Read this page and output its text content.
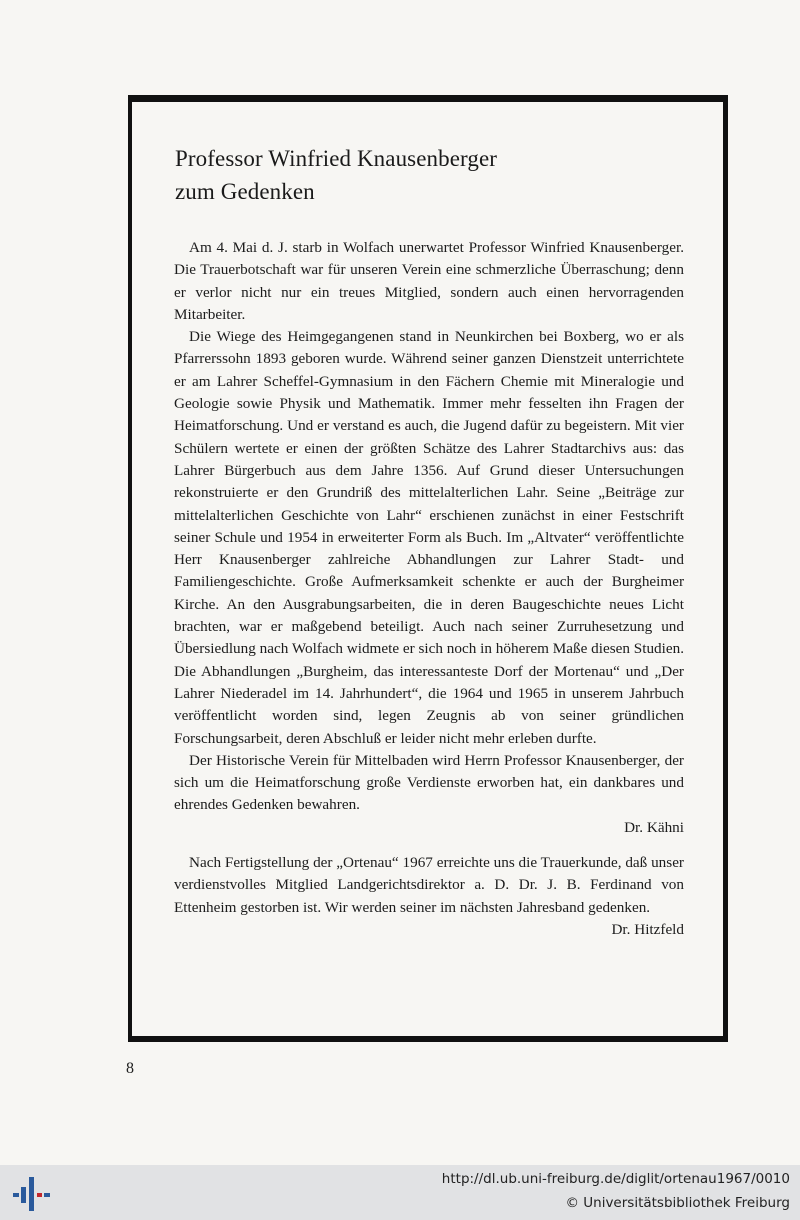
Professor Winfried Knausenberger
zum Gedenken

Am 4. Mai d. J. starb in Wolfach unerwartet Professor Winfried Knausenberger. Die Trauerbotschaft war für unseren Verein eine schmerzliche Überraschung; denn er verlor nicht nur ein treues Mitglied, sondern auch einen hervorragenden Mitarbeiter.

Die Wiege des Heimgegangenen stand in Neunkirchen bei Boxberg, wo er als Pfarrerssohn 1893 geboren wurde. Während seiner ganzen Dienstzeit unterrichtete er am Lahrer Scheffel-Gymnasium in den Fächern Chemie mit Mineralogie und Geologie sowie Physik und Mathematik. Immer mehr fesselten ihn Fragen der Heimatforschung. Und er verstand es auch, die Jugend dafür zu begeistern. Mit vier Schülern wertete er einen der größten Schätze des Lahrer Stadtarchivs aus: das Lahrer Bürgerbuch aus dem Jahre 1356. Auf Grund dieser Untersuchungen rekonstruierte er den Grundriß des mittelalterlichen Lahr. Seine „Beiträge zur mittelalterlichen Geschichte von Lahr“ erschienen zunächst in einer Festschrift seiner Schule und 1954 in erweiterter Form als Buch. Im „Altvater“ veröffentlichte Herr Knausenberger zahlreiche Abhandlungen zur Lahrer Stadt- und Familiengeschichte. Große Aufmerksamkeit schenkte er auch der Burgheimer Kirche. An den Ausgrabungsarbeiten, die in deren Baugeschichte neues Licht brachten, war er maßgebend beteiligt. Auch nach seiner Zurruhesetzung und Übersiedlung nach Wolfach widmete er sich noch in höherem Maße diesen Studien. Die Abhandlungen „Burgheim, das interessanteste Dorf der Mortenau“ und „Der Lahrer Niederadel im 14. Jahrhundert“, die 1964 und 1965 in unserem Jahrbuch veröffentlicht worden sind, legen Zeugnis ab von seiner gründlichen Forschungsarbeit, deren Abschluß er leider nicht mehr erleben durfte.

Der Historische Verein für Mittelbaden wird Herrn Professor Knausenberger, der sich um die Heimatforschung große Verdienste erworben hat, ein dankbares und ehrendes Gedenken bewahren.

Dr. Kähni

Nach Fertigstellung der „Ortenau“ 1967 erreichte uns die Trauerkunde, daß unser verdienstvolles Mitglied Landgerichtsdirektor a. D. Dr. J. B. Ferdinand von Ettenheim gestorben ist. Wir werden seiner im nächsten Jahresband gedenken.

Dr. Hitzfeld

8
http://dl.ub.uni-freiburg.de/diglit/ortenau1967/0010
© Universitätsbibliothek Freiburg
